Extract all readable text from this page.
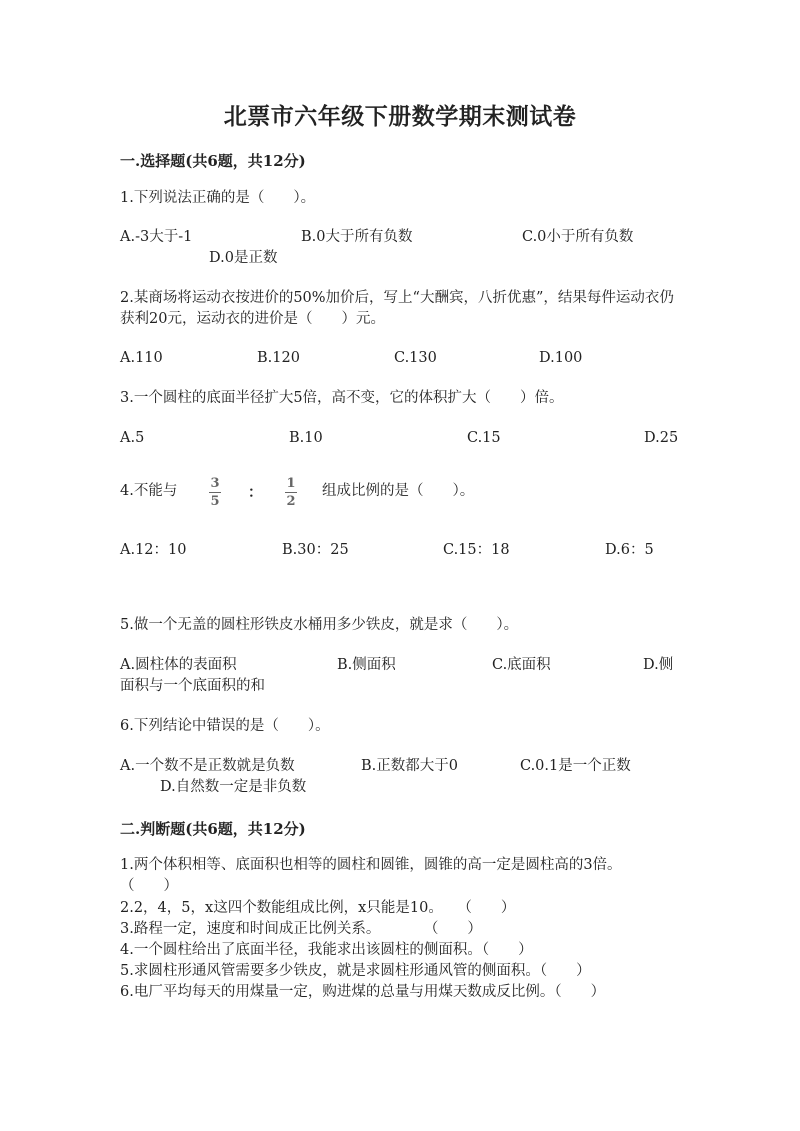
北票市六年级下册数学期末测试卷
一.选择题(共6题，共12分)
1.下列说法正确的是（　　）。
A.-3大于-1	B.0大于所有负数	C.0小于所有负数
D.0是正数
2.某商场将运动衣按进价的50%加价后，写上“大酬宾，八折优惠”，结果每件运动衣仍获利20元，运动衣的进价是（　　）元。
A.110	B.120	C.130	D.100
3.一个圆柱的底面半径扩大5倍，高不变，它的体积扩大（　　）倍。
A.5	B.10	C.15	D.25
4.不能与	3
5
：
1
2
组成比例的是（　　）。
A.12：10	B.30：25	C.15：18	D.6：5
5.做一个无盖的圆柱形铁皮水桶用多少铁皮，就是求（　　）。
A.圆柱体的表面积	B.侧面积	C.底面积	D.侧
面积与一个底面积的和
6.下列结论中错误的是（　　）。
A.一个数不是正数就是负数	B.正数都大于0	C.0.1是一个正数
D.自然数一定是非负数
二.判断题(共6题，共12分)
1.两个体积相等、底面积也相等的圆柱和圆锥，圆锥的高一定是圆柱高的3倍。（　　）
2.2，4，5，x这四个数能组成比例，x只能是10。　　（　　）
3.路程一定，速度和时间成正比例关系。　　　　（　　）
4.一个圆柱给出了底面半径，我能求出该圆柱的侧面积。（　　）
5.求圆柱形通风管需要多少铁皮，就是求圆柱形通风管的侧面积。（　　）
6.电厂平均每天的用煤量一定，购进煤的总量与用煤天数成反比例。（　　）
